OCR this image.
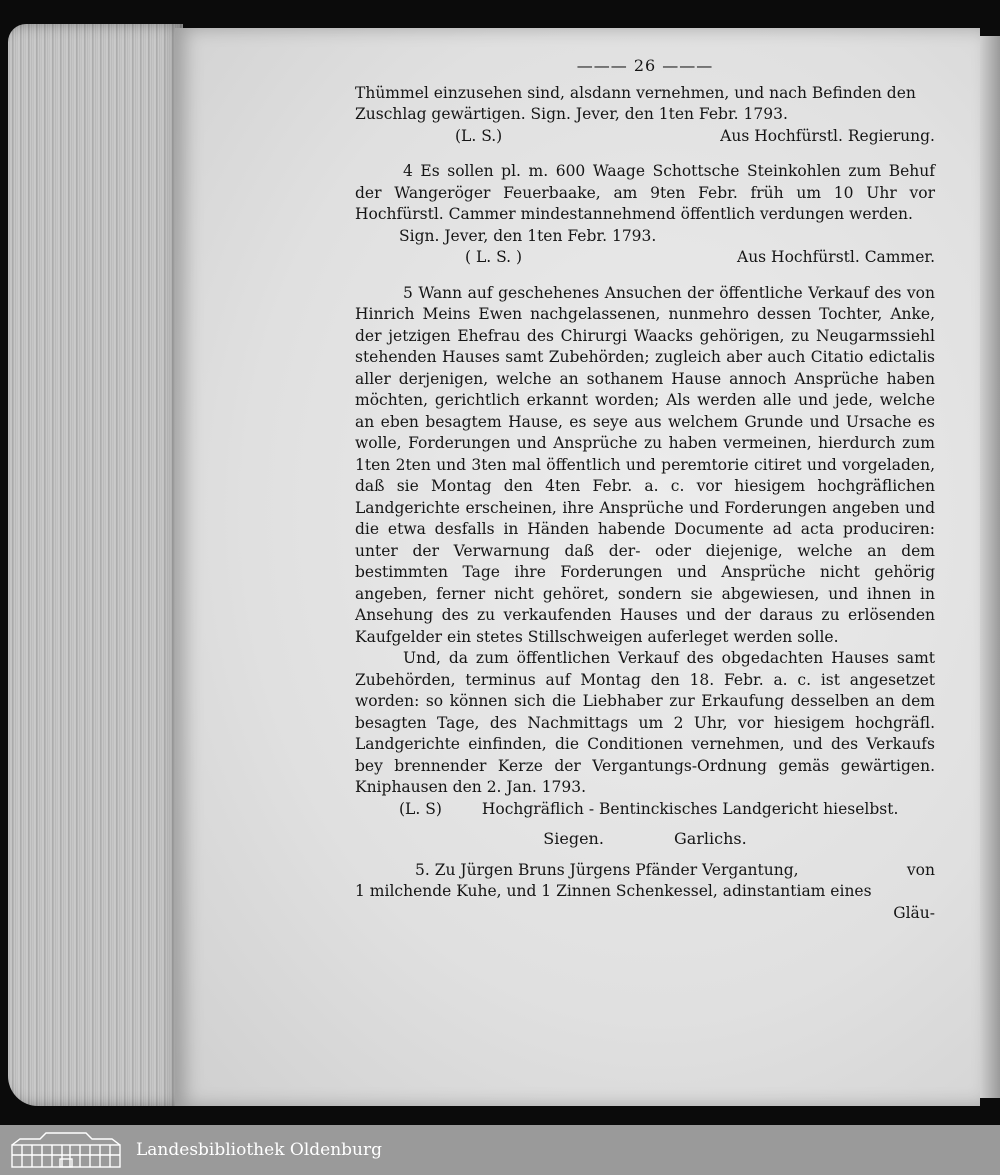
——— 26 ———

Thümmel einzusehen sind, alsdann vernehmen, und nach Befinden den

Zuschlag gewärtigen. Sign. Jever, den 1ten Febr. 1793.

(L. S.)	Aus Hochfürstl. Regierung.

4 Es sollen pl. m. 600 Waage Schottsche Steinkohlen zum Behuf der Wangeröger Feuerbaake, am 9ten Febr. früh um 10 Uhr vor Hochfürstl. Cammer mindestannehmend öffentlich verdungen werden.

Sign. Jever, den 1ten Febr. 1793.

( L. S. )	Aus Hochfürstl. Cammer.

5 Wann auf geschehenes Ansuchen der öffentliche Verkauf des von Hinrich Meins Ewen nachgelassenen, nunmehro dessen Tochter, Anke, der jetzigen Ehefrau des Chirurgi Waacks gehörigen, zu Neugarmssiehl stehenden Hauses samt Zubehörden; zugleich aber auch Citatio edictalis aller derjenigen, welche an sothanem Hause annoch Ansprüche haben möchten, gerichtlich erkannt worden; Als werden alle und jede, welche an eben besagtem Hause, es seye aus welchem Grunde und Ursache es wolle, Forderungen und Ansprüche zu haben vermeinen, hierdurch zum 1ten 2ten und 3ten mal öffentlich und peremtorie citiret und vorgeladen, daß sie Montag den 4ten Febr. a. c. vor hiesigem hochgräflichen Landgerichte erscheinen, ihre Ansprüche und Forderungen angeben und die etwa desfalls in Händen habende Documente ad acta produciren: unter der Verwarnung daß der- oder diejenige, welche an dem bestimmten Tage ihre Forderungen und Ansprüche nicht gehörig angeben, ferner nicht gehöret, sondern sie abgewiesen, und ihnen in Ansehung des zu verkaufenden Hauses und der daraus zu erlösenden Kaufgelder ein stetes Stillschweigen auferleget werden solle.

Und, da zum öffentlichen Verkauf des obgedachten Hauses samt Zubehörden, terminus auf Montag den 18. Febr. a. c. ist angesetzet worden: so können sich die Liebhaber zur Erkaufung desselben an dem besagten Tage, des Nachmittags um 2 Uhr, vor hiesigem hochgräfl. Landgerichte einfinden, die Conditionen vernehmen, und des Verkaufs bey brennender Kerze der Vergantungs-Ordnung gemäs gewärtigen. Kniphausen den 2. Jan. 1793.

(L. S)	Hochgräflich - Bentinckisches Landgericht hieselbst.
Siegen.	Garlichs.
5. Zu Jürgen Bruns Jürgens Pfänder Vergantung,	von

1 milchende Kuhe, und 1 Zinnen Schenkessel, adinstantiam eines

Gläu-

Landesbibliothek Oldenburg
